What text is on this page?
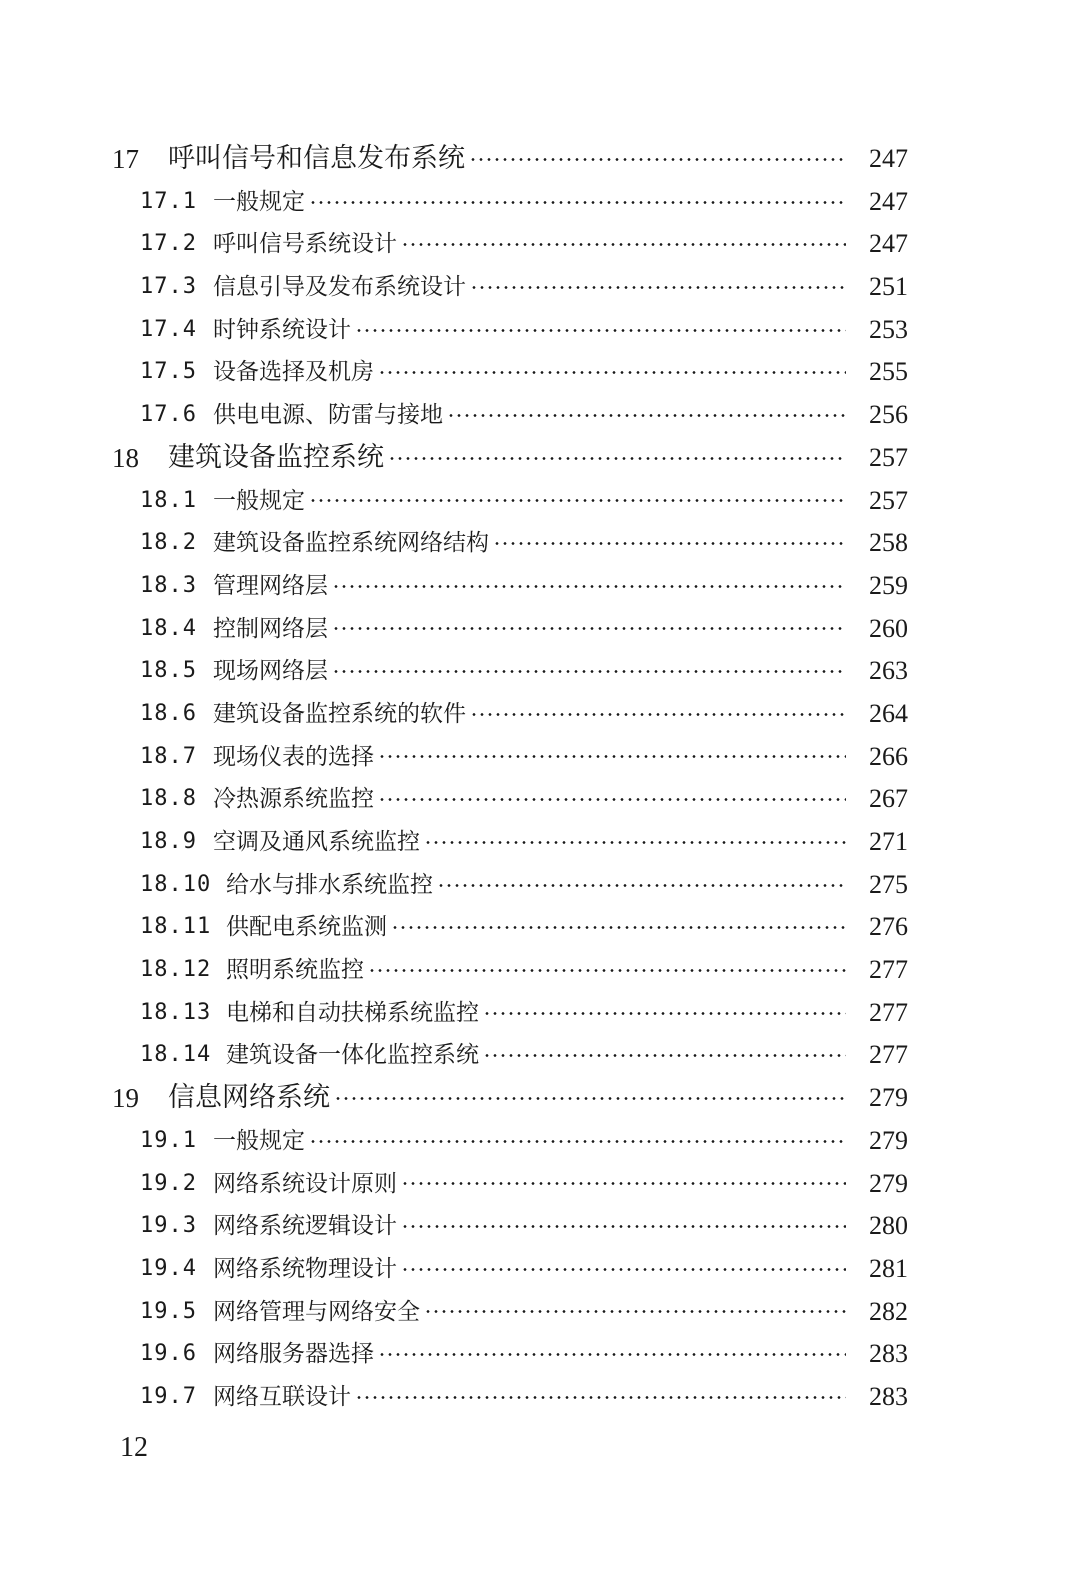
17 呼叫信号和信息发布系统	247
17.1 一般规定	247
17.2 呼叫信号系统设计	247
17.3 信息引导及发布系统设计	251
17.4 时钟系统设计	253
17.5 设备选择及机房	255
17.6 供电电源、防雷与接地	256
18 建筑设备监控系统	257
18.1 一般规定	257
18.2 建筑设备监控系统网络结构	258
18.3 管理网络层	259
18.4 控制网络层	260
18.5 现场网络层	263
18.6 建筑设备监控系统的软件	264
18.7 现场仪表的选择	266
18.8 冷热源系统监控	267
18.9 空调及通风系统监控	271
18.10 给水与排水系统监控	275
18.11 供配电系统监测	276
18.12 照明系统监控	277
18.13 电梯和自动扶梯系统监控	277
18.14 建筑设备一体化监控系统	277
19 信息网络系统	279
19.1 一般规定	279
19.2 网络系统设计原则	279
19.3 网络系统逻辑设计	280
19.4 网络系统物理设计	281
19.5 网络管理与网络安全	282
19.6 网络服务器选择	283
19.7 网络互联设计	283
12
